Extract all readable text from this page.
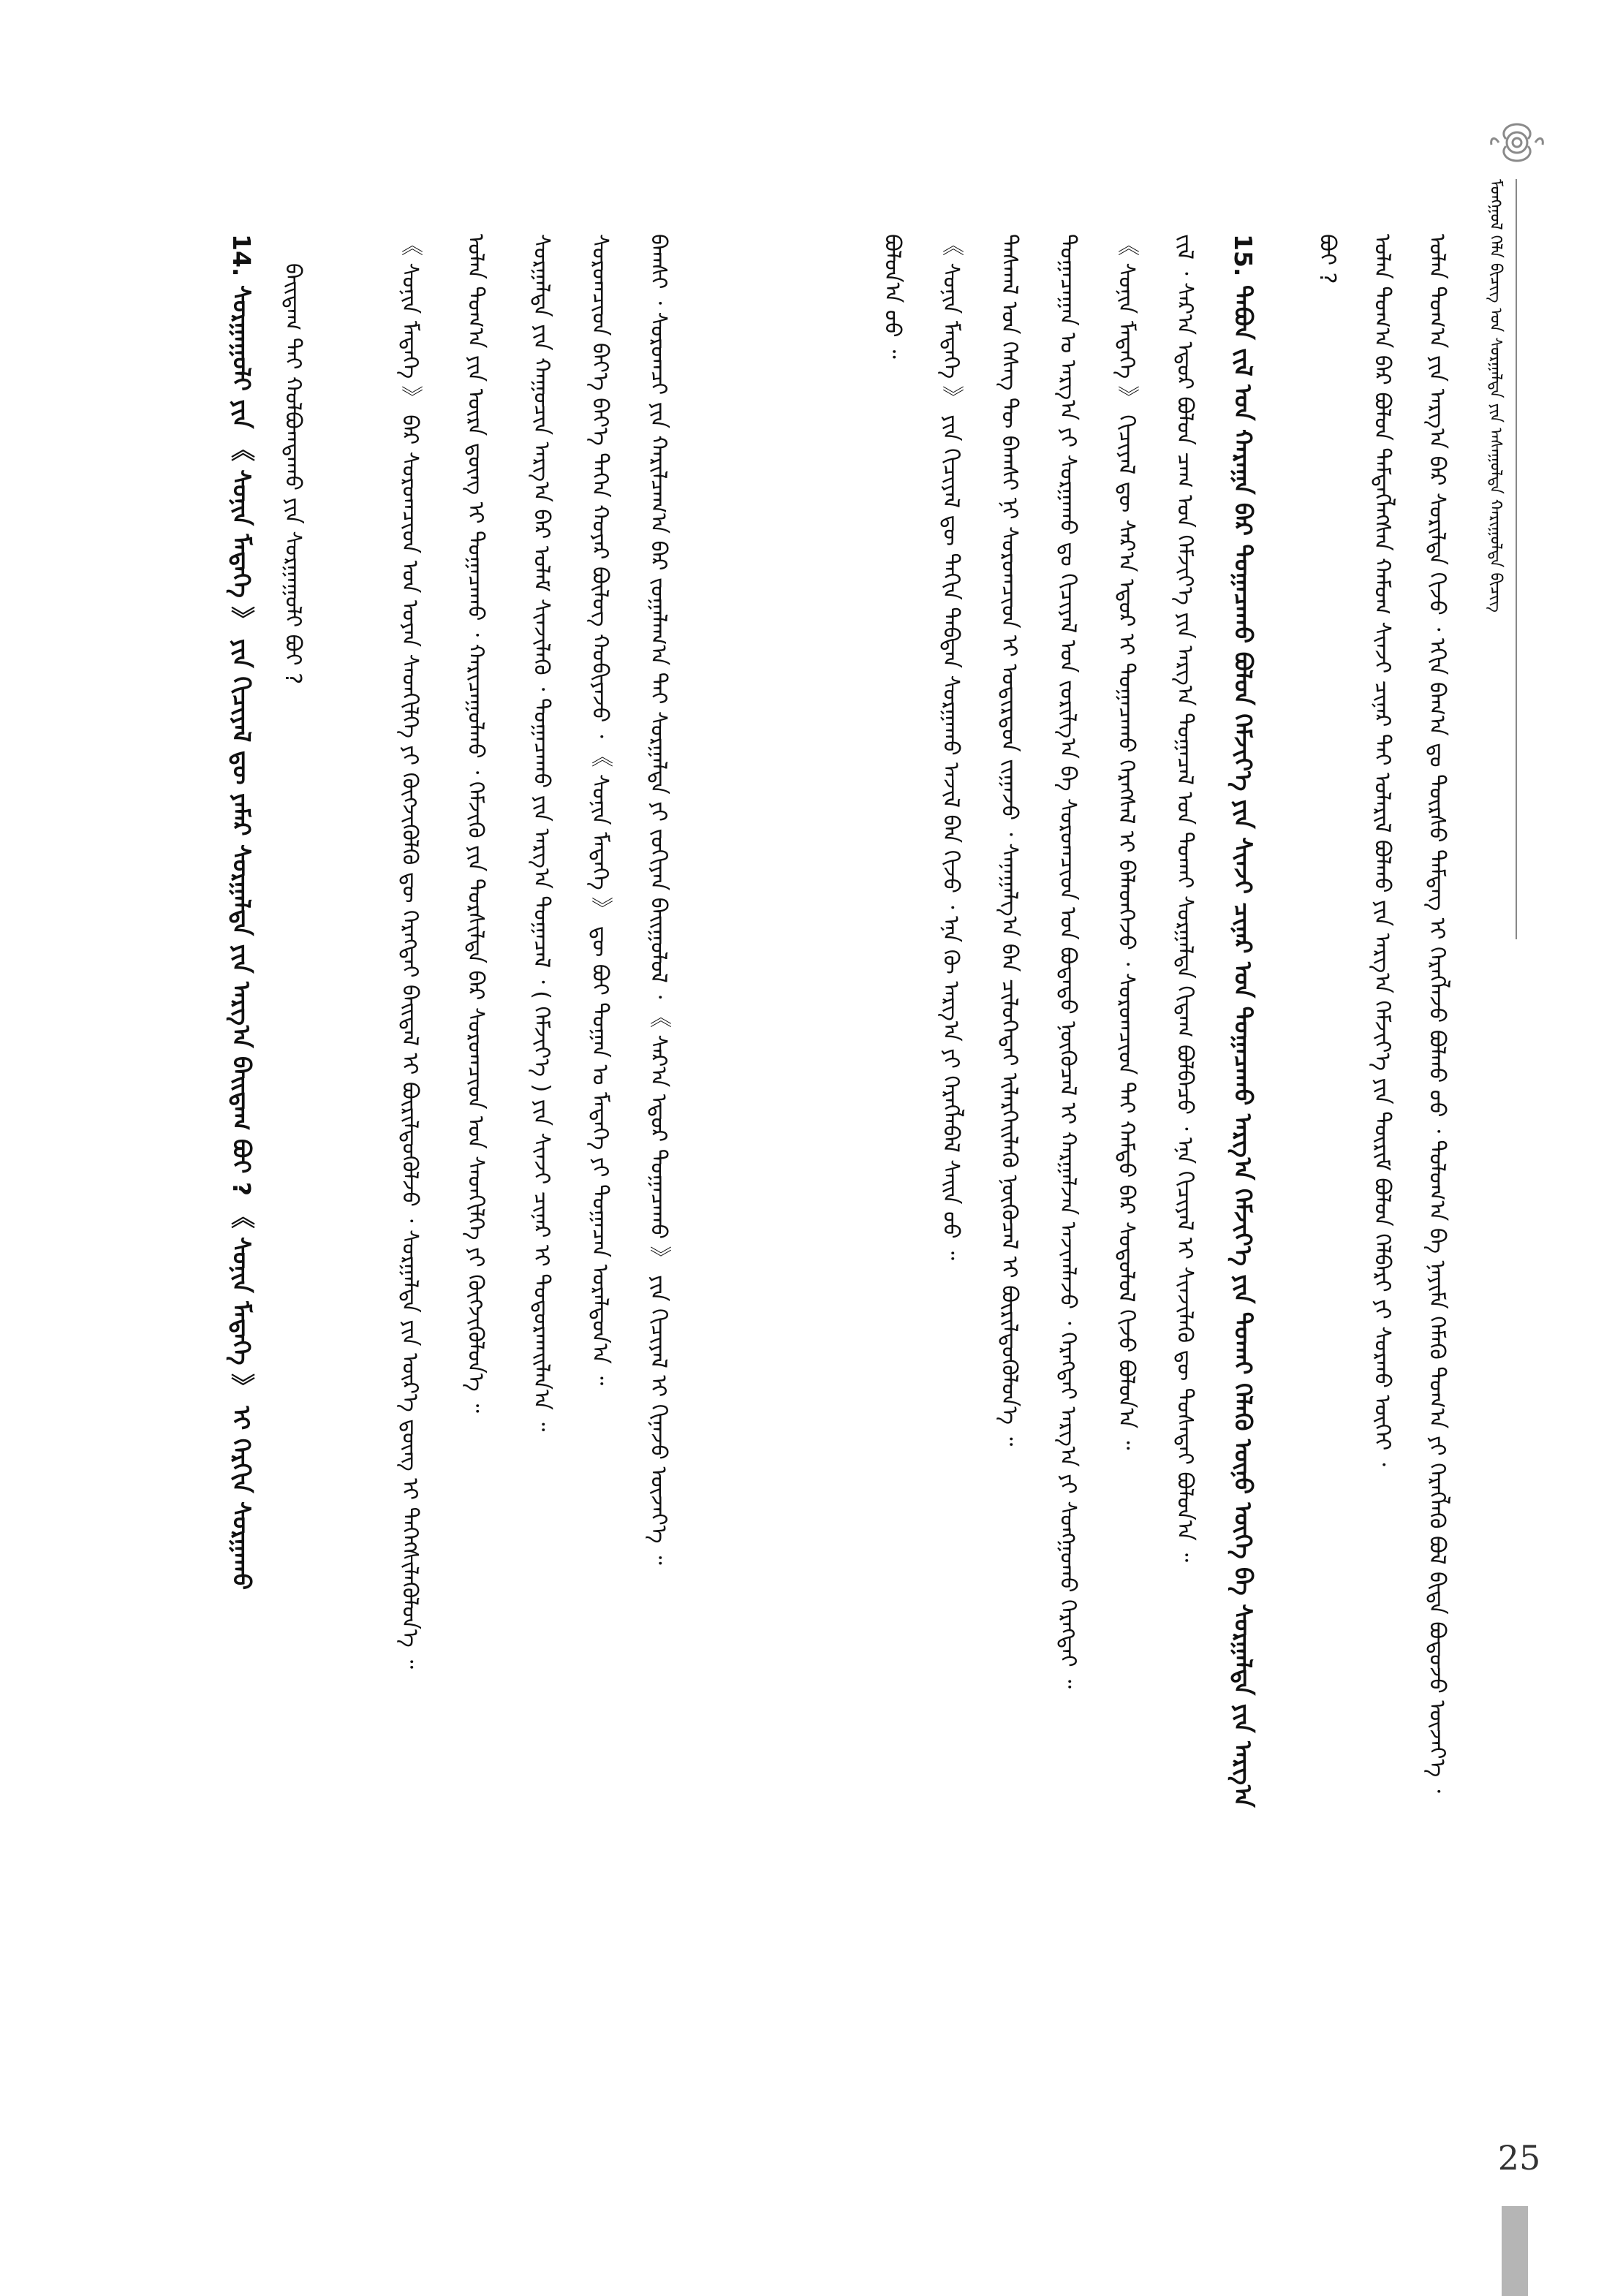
ᠮᠣᠩᠭᠣᠯ ᠬᠡᠯᠡ ᠪᠢᠴᠢᠭ᠌ ᠤᠨ ᠰᠤᠷᠭᠠᠯᠲᠠ ᠶᠢᠨ ᠠᠰᠠᠭᠤᠯᠲᠠ ᠬᠠᠷᠢᠭᠤᠯᠲᠠ ᠪᠢᠴᠢᠭ᠌
ᠣᠯᠠᠨ ᠲᠣᠭ᠎ᠠ ᠶᠢᠨ ᠠᠷᠭ᠎ᠠ ᠪᠠᠷ ᠰᠣᠷᠢᠯᠲᠠ ᠬᠢᠵᠦ ᠂ ᠡᠬᠢᠨ ᠪᠠᠭ᠎ᠠ ᠳᠤ ᠳᠦᠷᠰᠦ ᠲᠡᠮᠳᠡᠭ ᠢ ᠬᠡᠷᠡᠭᠯᠡᠵᠦ ᠪᠣᠯᠬᠤ ᠤᠤ ᠂ ᠳᠤᠯᠤᠭ᠎ᠠ ᠪᠠ ᠨᠠᠶᠢᠮᠠ ᠬᠡᠮᠡᠬᠦ ᠲᠣᠭ᠎ᠠ ᠶᠢ ᠬᠡᠷᠡᠭᠯᠡᠬᠦ ᠪᠣᠯ ᠪᠢᠳᠡ ᠪᠣᠳᠤᠵᠤ ᠦᠵᠡᠶ᠎ᠡ ᠂
ᠣᠯᠠᠨ ᠲᠣᠭ᠎ᠠ ᠪᠠᠷ ᠪᠣᠯᠤᠨ ᠲᠡᠮᠳᠡᠭᠯᠡᠭᠰᠡᠨ ᠬᠠᠮᠤᠭ ᠰᠢᠨᠵᠢ ᠴᠢᠨᠠᠷ ᠲᠠᠢ ᠤᠯᠠᠷᠢᠯ ᠪᠣᠯᠬᠤ ᠶᠢᠨ ᠠᠷᠭ᠎ᠠ ᠬᠡᠮᠵᠢᠶ᠎ᠡ ᠶᠢᠨ ᠳᠦᠷᠢᠮ ᠪᠣᠯᠤᠨ ᠬᠡᠯᠪᠡᠷᠢ ᠶᠢ ᠰᠤᠷᠬᠤ ᠦᠭᠡᠢ ᠂
ᠪᠤᠢ ?
15. ᠲᠠᠪᠤᠨ ᠵᠢᠯ ᠤᠨ ᠬᠠᠷᠠᠭᠠ ᠪᠠᠷ ᠲᠣᠭᠠᠴᠠᠬᠤ ᠪᠣᠯᠤᠨ ᠬᠡᠮᠵᠢᠶ᠎ᠡ ᠶᠢᠨ ᠰᠢᠨᠵᠢ ᠴᠢᠨᠠᠷ ᠤᠨ ᠲᠣᠭᠠᠴᠠᠬᠤ ᠠᠷᠭ᠎ᠠ ᠬᠡᠮᠵᠢᠶ᠎ᠡ ᠶᠢᠨ ᠲᠤᠬᠠᠢ ᠬᠡᠯᠡᠬᠦ ᠦᠨᠦ ᠦᠭᠡ ᠪᠠ ᠰᠤᠷᠭᠠᠯᠲᠠ ᠶᠢᠨ ᠠᠷᠭ᠎ᠠ
ᠵᠢᠯ ᠂ ᠰᠠᠷ᠎ᠠ ᠡᠳᠦᠷ ᠪᠣᠯᠤᠨ ᠴᠠᠭ ᠤᠨ ᠬᠡᠮᠵᠢᠶ᠎ᠡ ᠶᠢᠨ ᠠᠷᠭ᠎ᠠ ᠲᠣᠭᠠᠴᠠᠯ ᠤᠨ ᠲᠤᠬᠠᠢ ᠰᠤᠷᠭᠠᠯᠲᠠ ᠬᠢᠳᠠᠭ ᠪᠣᠯᠪᠠᠴᠤ ᠂ ᠡᠨᠡ ᠬᠢᠴᠢᠶᠡᠯ ᠢ ᠰᠢᠨᠵᠢᠯᠡᠬᠦ ᠳᠦ ᠲᠤᠰᠠᠲᠠᠢ ᠪᠣᠯᠤᠨ᠎ᠠ ᠃
《 ᠰᠣᠨᠢᠨ ᠮᠡᠳᠡᠭᠡ 》 ᠬᠢᠴᠢᠶᠡᠯ ᠳᠦ ᠰᠠᠷ᠎ᠠ ᠡᠳᠦᠷ ᠢ ᠲᠣᠭᠠᠴᠠᠬᠤ ᠬᠡᠷᠡᠭᠰᠡᠯ ᠢ ᠪᠡᠯᠡᠳᠬᠡᠵᠦ ᠂ ᠰᠤᠷᠤᠭᠴᠢᠳ ᠲᠠᠢ ᠬᠠᠮᠲᠤ ᠪᠠᠷ ᠰᠣᠳᠤᠯᠤᠯ ᠬᠢᠵᠦ ᠪᠣᠯᠤᠨ᠎ᠠ ᠃
ᠲᠣᠭᠠᠴᠠᠭᠠᠨ ᠤ ᠠᠷᠭ᠎ᠠ ᠶᠢ ᠰᠤᠷᠭᠠᠬᠤ ᠳᠤ ᠬᠢᠴᠢᠶᠡᠯ ᠤᠨ ᠵᠣᠷᠢᠯᠭ᠎ᠠ ᠪᠠ ᠰᠤᠷᠤᠭᠴᠢᠳ ᠤᠨ ᠪᠣᠳᠠᠲᠤ ᠨᠥᠬᠦᠴᠡᠯ ᠢ ᠬᠠᠷᠭᠠᠯᠵᠠᠨ ᠠᠵᠢᠭᠯᠠᠵᠤ ᠂ ᠬᠡᠷᠡᠭᠲᠡᠢ ᠠᠷᠭ᠎ᠠ ᠶᠢ ᠰᠣᠩᠭᠣᠬᠤ ᠬᠡᠷᠡᠭᠲᠡᠢ ᠃
ᠳᠠᠰᠬᠠᠯ ᠤᠨ ᠬᠡᠰᠡᠭ ᠲᠦ ᠪᠠᠭᠰᠢ ᠨᠢ ᠰᠤᠷᠤᠭᠴᠢᠳ ᠢ ᠤᠳᠢᠷᠳᠤᠨ ᠵᠢᠭᠠᠵᠤ ᠂ ᠰᠠᠨᠠᠭᠠᠯᠭ᠎ᠠ ᠪᠠᠨ ᠴᠢᠯᠦᠭᠡᠲᠡᠢ ᠢᠯᠡᠷᠬᠡᠢᠯᠡᠬᠦ ᠨᠥᠬᠦᠴᠡᠯ ᠢ ᠪᠦᠷᠢᠯᠳᠦᠭᠦᠯᠦᠨ᠎ᠡ ᠃
《 ᠰᠣᠨᠢᠨ ᠮᠡᠳᠡᠭᠡ 》 ᠶᠢᠨ ᠬᠢᠴᠢᠶᠡᠯ ᠳᠦ ᠳᠠᠬᠢᠨ ᠳᠠᠪᠲᠠᠨ ᠰᠤᠷᠭᠠᠬᠤ ᠠᠵᠢᠯ ᠪᠠᠨ ᠬᠢᠵᠦ ᠂ ᠡᠨᠡ ᠬᠦ ᠠᠷᠭ᠎ᠠ ᠶᠢ ᠬᠡᠷᠡᠭᠯᠡᠪᠡᠯ ᠰᠠᠢᠨ ᠤᠤ ᠃
ᠪᠣᠯᠤᠨ᠎ᠠ ᠤᠤ ᠃
ᠪᠠᠭᠰᠢ ᠂ ᠰᠤᠷᠤᠭᠴᠢ ᠶᠢᠨ ᠬᠠᠷᠢᠯᠴᠠᠭ᠎ᠠ ᠪᠠᠷ ᠵᠤᠭᠠᠯᠠᠭ᠎ᠠ ᠲᠠᠢ ᠰᠤᠷᠭᠠᠯᠲᠠ ᠶᠢ ᠵᠣᠬᠢᠶᠠᠨ ᠪᠠᠢᠭᠤᠯᠤᠯ ᠂ 《 ᠰᠠᠷ᠎ᠠ ᠡᠳᠦᠷ ᠲᠣᠭᠠᠴᠠᠬᠤ 》 ᠶᠢᠨ ᠬᠢᠴᠢᠶᠡᠯ ᠢ ᠬᠢᠨᠠᠵᠤ ᠦᠵᠡᠶ᠎ᠡ ᠃
ᠰᠤᠷᠤᠭᠴᠢᠳ ᠪᠡᠶ᠎ᠡ ᠪᠡᠶ᠎ᠡ ᠳᠡᠭᠡᠨ ᠬᠣᠶᠠᠷ ᠪᠦᠯᠦᠭ ᠬᠤᠪᠢᠶᠠᠵᠤ ᠂ 《 ᠰᠣᠨᠢᠨ ᠮᠡᠳᠡᠭᠡ 》 ᠳᠦ ᠪᠤᠢ ᠲᠣᠭᠠᠨ ᠤ ᠮᠡᠳᠡᠭᠡ ᠶᠢ ᠲᠣᠭᠠᠴᠠᠨ ᠤᠷᠠᠯᠳᠤᠨ᠎ᠠ ᠃
ᠰᠤᠷᠭᠠᠯᠲᠠ ᠶᠢᠨ ᠬᠠᠭᠤᠴᠢᠨ ᠠᠷᠭ᠎ᠠ ᠪᠠᠷ ᠤᠯᠠᠮ ᠰᠢᠨᠵᠢᠯᠡᠬᠦ ᠂ ᠲᠣᠭᠠᠴᠠᠬᠤ ᠶᠢᠨ ᠠᠷᠭ᠎ᠠ ᠲᠣᠭᠠᠴᠠᠯ ᠂ ( ᠬᠡᠮᠵᠢᠶ᠎ᠡ ) ᠶᠢᠨ ᠰᠢᠨᠵᠢ ᠴᠢᠨᠠᠷ ᠢ ᠲᠣᠳᠣᠷᠬᠠᠢᠯᠠᠨ᠎ᠠ ᠃
ᠣᠯᠠᠨ ᠲᠣᠭ᠎ᠠ ᠶᠢᠨ ᠦᠷᠡ ᠳ᠋ᠦᠩ ᠢ ᠲᠣᠭᠠᠴᠠᠬᠤ ᠂ ᠬᠠᠷᠢᠴᠠᠭᠤᠯᠬᠤ ᠂ ᠬᠡᠮᠵᠢᠬᠦ ᠶᠢᠨ ᠲᠤᠷᠱᠢᠯᠲᠠ ᠪᠠᠷ ᠰᠤᠷᠤᠭᠴᠢᠳ ᠤᠨ ᠰᠡᠳᠬᠢᠯᠭᠡ ᠶᠢ ᠬᠥᠭᠵᠢᠭᠦᠯᠦᠨ᠎ᠡ ᠃
《 ᠰᠣᠨᠢᠨ ᠮᠡᠳᠡᠭᠡ 》 ᠪᠠᠷ ᠰᠤᠷᠤᠭᠴᠢᠳ ᠤᠨ ᠤᠶᠠᠨ ᠰᠡᠳᠬᠢᠯᠭᠡ ᠶᠢ ᠬᠥᠭᠵᠢᠭᠦᠯᠬᠦ ᠳᠦ ᠬᠡᠷᠡᠭᠲᠡᠢ ᠪᠠᠢᠳᠠᠯ ᠢ ᠪᠦᠷᠢᠯᠳᠦᠭᠦᠯᠵᠦ ᠂ ᠰᠤᠷᠭᠠᠯᠲᠠ ᠶᠢᠨ ᠦᠷ᠎ᠡ ᠳ᠋ᠦᠩ ᠢ ᠳᠡᠭᠡᠭᠰᠢᠯᠡᠭᠦᠯᠦᠨ᠎ᠡ ᠃
14. ᠰᠤᠷᠭᠠᠭᠤᠯᠢ ᠶᠢᠨ 《 ᠰᠣᠨᠢᠨ ᠮᠡᠳᠡᠭᠡ 》 ᠶᠢᠨ ᠬᠢᠴᠢᠶᠡᠯ ᠳᠦ ᠶᠠᠮᠠᠷ ᠰᠤᠷᠭᠠᠯᠲᠠ ᠶᠢᠨ ᠠᠷᠭ᠎ᠠ ᠪᠠᠢᠳᠠᠭ ᠪᠤᠢ ? 《 ᠰᠣᠨᠢᠨ ᠮᠡᠳᠡᠭᠡ 》 ᠢ ᠬᠡᠷᠬᠢᠨ ᠰᠤᠷᠭᠠᠬᠤ	ᠪᠠᠢᠳᠠᠭ ᠲᠠᠢ ᠬᠣᠯᠪᠣᠭᠳᠠᠬᠤ ᠶᠢᠨ ᠰᠤᠷᠭᠠᠭᠤᠯᠢ ᠪᠤᠢ ?
25
